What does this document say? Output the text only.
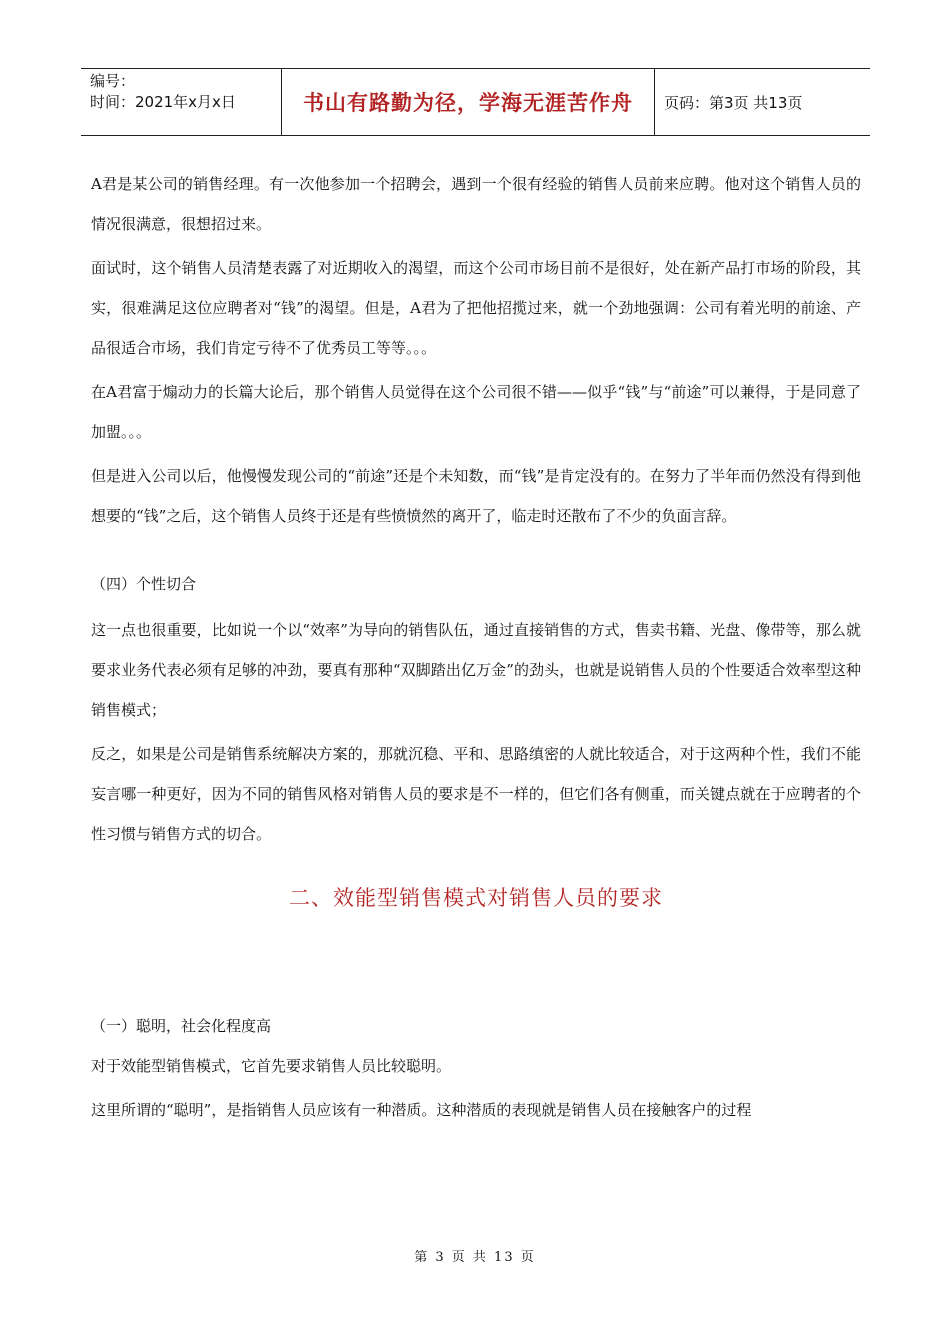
编号：
时间：2021年x月x日	书山有路勤为径，学海无涯苦作舟	页码：第3页 共13页

A君是某公司的销售经理。有一次他参加一个招聘会，遇到一个很有经验的销售人员前来应聘。他对这个销售人员的情况很满意，很想招过来。

面试时，这个销售人员清楚表露了对近期收入的渴望，而这个公司市场目前不是很好，处在新产品打市场的阶段，其实，很难满足这位应聘者对“钱”的渴望。但是，A君为了把他招揽过来，就一个劲地强调：公司有着光明的前途、产品很适合市场，我们肯定亏待不了优秀员工等等。。。

在A君富于煽动力的长篇大论后，那个销售人员觉得在这个公司很不错——似乎“钱”与“前途”可以兼得，于是同意了加盟。。。

但是进入公司以后，他慢慢发现公司的“前途”还是个未知数，而“钱”是肯定没有的。在努力了半年而仍然没有得到他想要的“钱”之后，这个销售人员终于还是有些愤愤然的离开了，临走时还散布了不少的负面言辞。

（四）个性切合

这一点也很重要，比如说一个以“效率”为导向的销售队伍，通过直接销售的方式，售卖书籍、光盘、像带等，那么就要求业务代表必须有足够的冲劲，要真有那种“双脚踏出亿万金”的劲头，也就是说销售人员的个性要适合效率型这种销售模式；

反之，如果是公司是销售系统解决方案的，那就沉稳、平和、思路缜密的人就比较适合，对于这两种个性，我们不能妄言哪一种更好，因为不同的销售风格对销售人员的要求是不一样的，但它们各有侧重，而关键点就在于应聘者的个性习惯与销售方式的切合。

二、效能型销售模式对销售人员的要求

（一）聪明，社会化程度高

对于效能型销售模式，它首先要求销售人员比较聪明。

这里所谓的“聪明”，是指销售人员应该有一种潜质。这种潜质的表现就是销售人员在接触客户的过程

第 3 页 共 13 页
